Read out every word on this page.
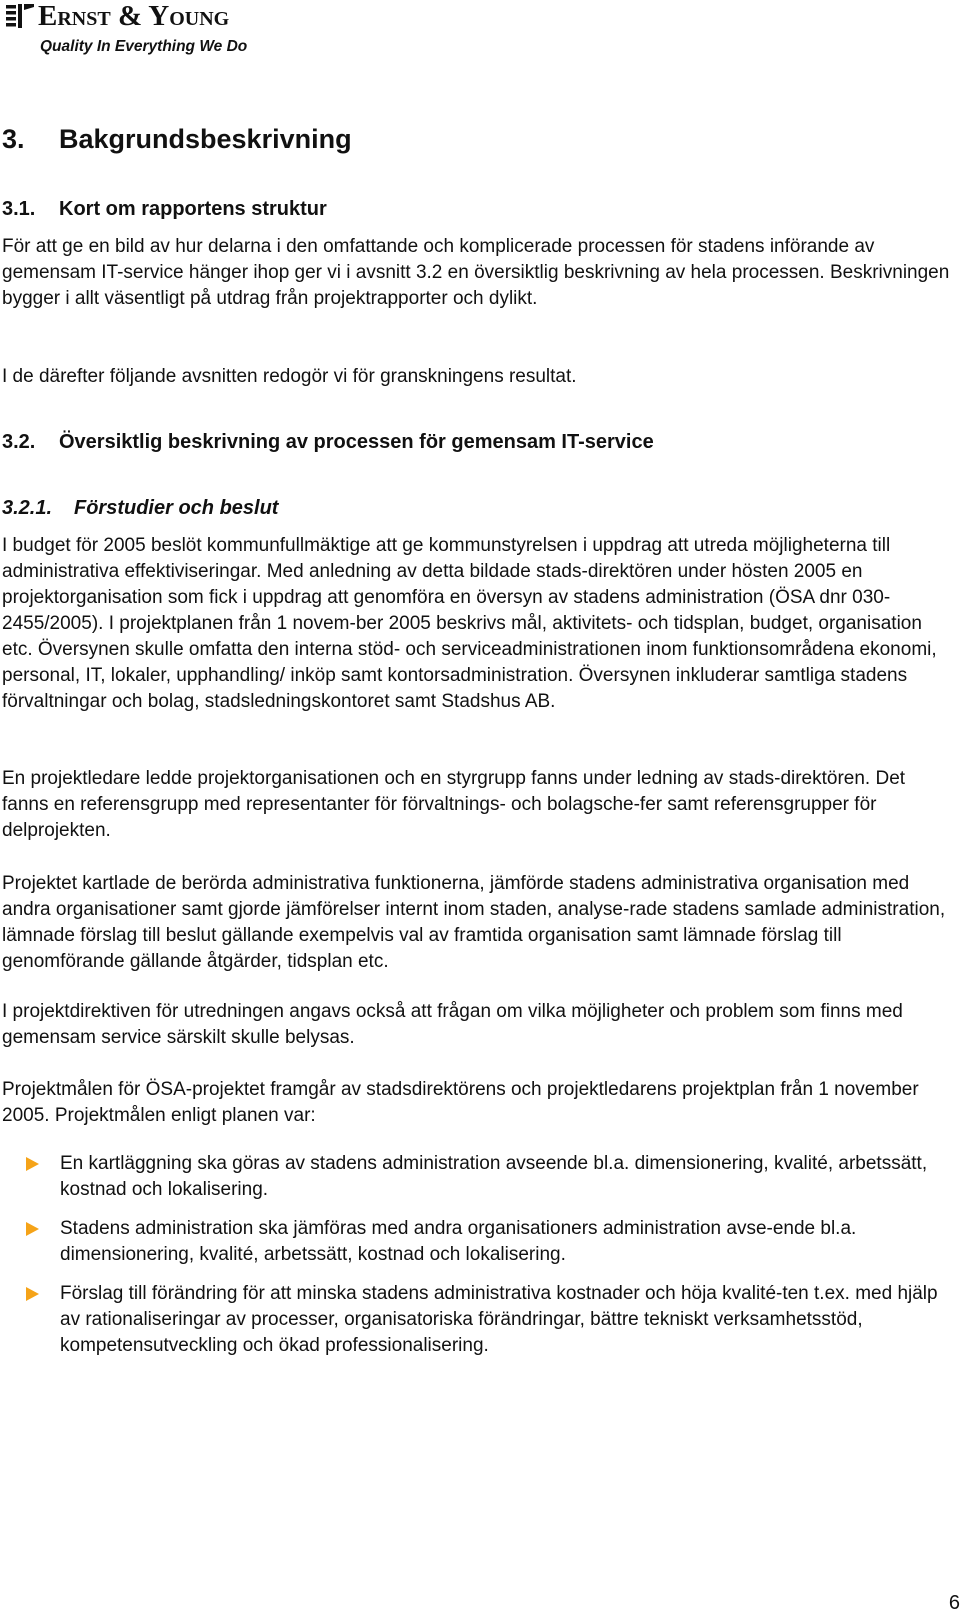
Ernst & Young
Quality In Everything We Do
3. Bakgrundsbeskrivning
3.1. Kort om rapportens struktur

För att ge en bild av hur delarna i den omfattande och komplicerade processen för stadens införande av gemensam IT-service hänger ihop ger vi i avsnitt 3.2 en översiktlig beskrivning av hela processen. Beskrivningen bygger i allt väsentligt på utdrag från projektrapporter och dylikt.

I de därefter följande avsnitten redogör vi för granskningens resultat.

3.2. Översiktlig beskrivning av processen för gemensam IT-service
3.2.1. Förstudier och beslut

I budget för 2005 beslöt kommunfullmäktige att ge kommunstyrelsen i uppdrag att utreda möjligheterna till administrativa effektiviseringar. Med anledning av detta bildade stads-direktören under hösten 2005 en projektorganisation som fick i uppdrag att genomföra en översyn av stadens administration (ÖSA dnr 030-2455/2005). I projektplanen från 1 novem-ber 2005 beskrivs mål, aktivitets- och tidsplan, budget, organisation etc. Översynen skulle omfatta den interna stöd- och serviceadministrationen inom funktionsområdena ekonomi, personal, IT, lokaler, upphandling/ inköp samt kontorsadministration. Översynen inkluderar samtliga stadens förvaltningar och bolag, stadsledningskontoret samt Stadshus AB.

En projektledare ledde projektorganisationen och en styrgrupp fanns under ledning av stads-direktören. Det fanns en referensgrupp med representanter för förvaltnings- och bolagsche-fer samt referensgrupper för delprojekten.

Projektet kartlade de berörda administrativa funktionerna, jämförde stadens administrativa organisation med andra organisationer samt gjorde jämförelser internt inom staden, analyse-rade stadens samlade administration, lämnade förslag till beslut gällande exempelvis val av framtida organisation samt lämnade förslag till genomförande gällande åtgärder, tidsplan etc.

I projektdirektiven för utredningen angavs också att frågan om vilka möjligheter och problem som finns med gemensam service särskilt skulle belysas.

Projektmålen för ÖSA-projektet framgår av stadsdirektörens och projektledarens projektplan från 1 november 2005. Projektmålen enligt planen var:

En kartläggning ska göras av stadens administration avseende bl.a. dimensionering, kvalité, arbetssätt, kostnad och lokalisering.
Stadens administration ska jämföras med andra organisationers administration avse-ende bl.a. dimensionering, kvalité, arbetssätt, kostnad och lokalisering.
Förslag till förändring för att minska stadens administrativa kostnader och höja kvalité-ten t.ex. med hjälp av rationaliseringar av processer, organisatoriska förändringar, bättre tekniskt verksamhetsstöd, kompetensutveckling och ökad professionalisering.
6
